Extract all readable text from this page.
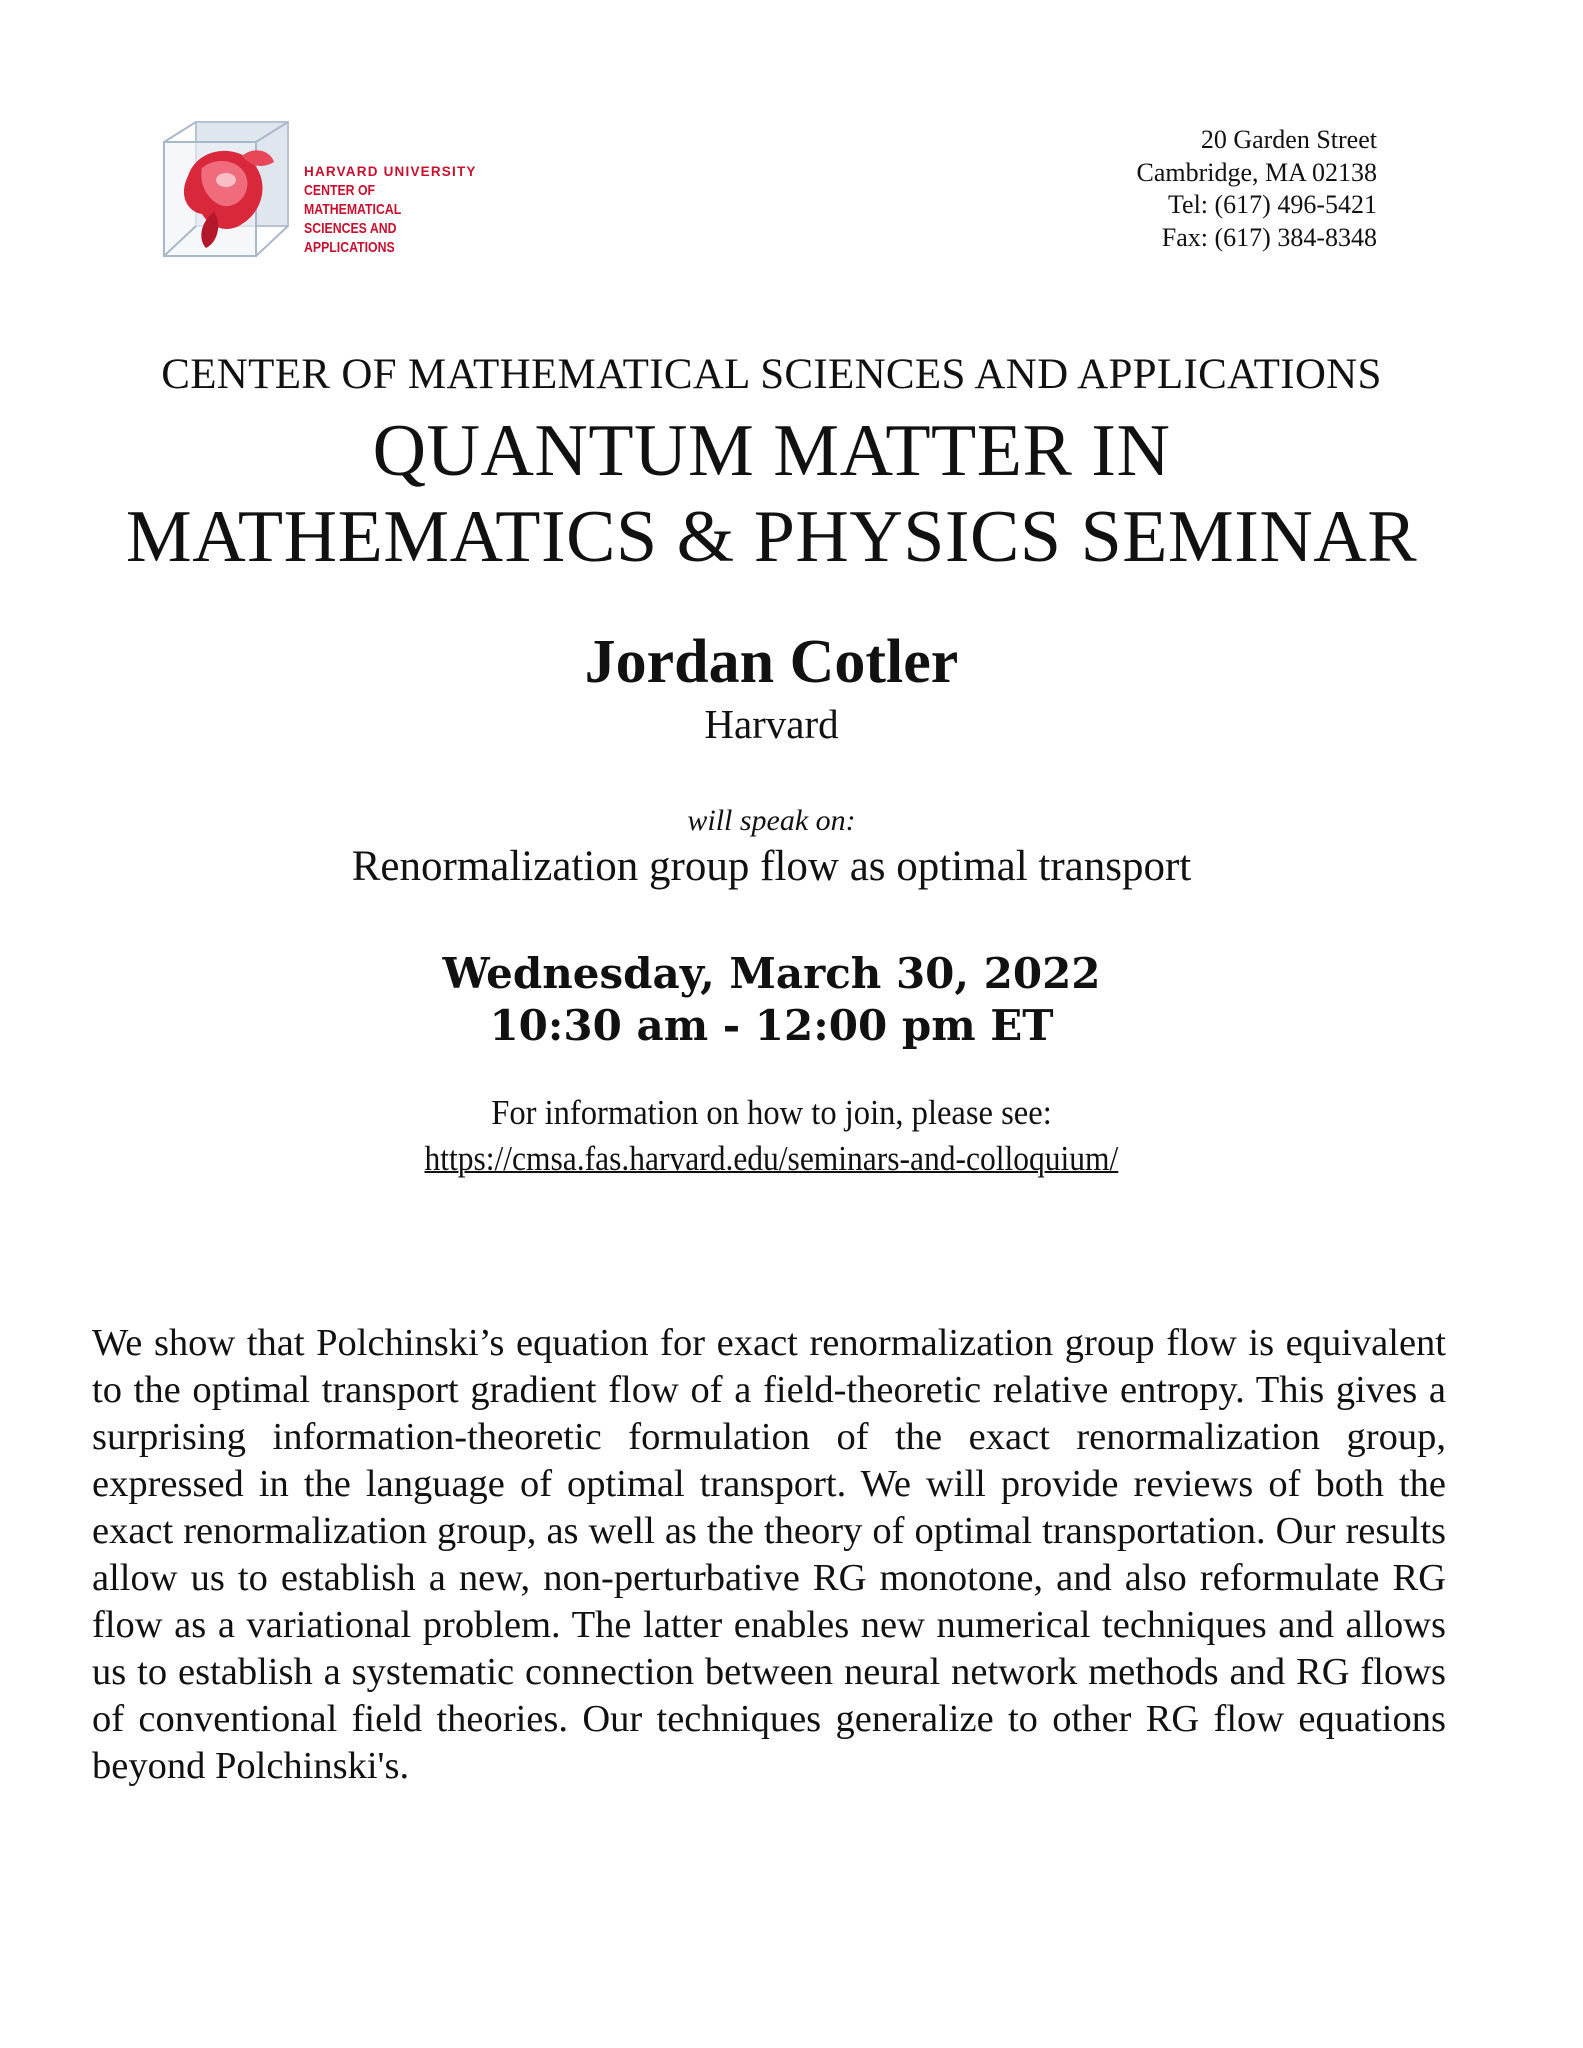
HARVARD UNIVERSITY
CENTER OF MATHEMATICAL
SCIENCES AND APPLICATIONS
20 Garden Street
Cambridge, MA 02138
Tel: (617) 496-5421
Fax: (617) 384-8348
CENTER OF MATHEMATICAL SCIENCES AND APPLICATIONS
QUANTUM MATTER IN
MATHEMATICS & PHYSICS SEMINAR
Jordan Cotler
Harvard
will speak on:
Renormalization group flow as optimal transport
Wednesday, March 30, 2022
10:30 am - 12:00 pm ET
For information on how to join, please see:
https://cmsa.fas.harvard.edu/seminars-and-colloquium/
We show that Polchinski’s equation for exact renormalization group flow is equivalent to the optimal transport gradient flow of a field-theoretic relative entropy. This gives a surprising information-theoretic formulation of the exact renormalization group, expressed in the language of optimal transport. We will provide reviews of both the exact renormalization group, as well as the theory of optimal transportation. Our results allow us to establish a new, non-perturbative RG monotone, and also reformulate RG flow as a variational problem. The latter enables new numerical techniques and allows us to establish a systematic connection between neural network methods and RG flows of conventional field theories. Our techniques generalize to other RG flow equations beyond Polchinski's.
